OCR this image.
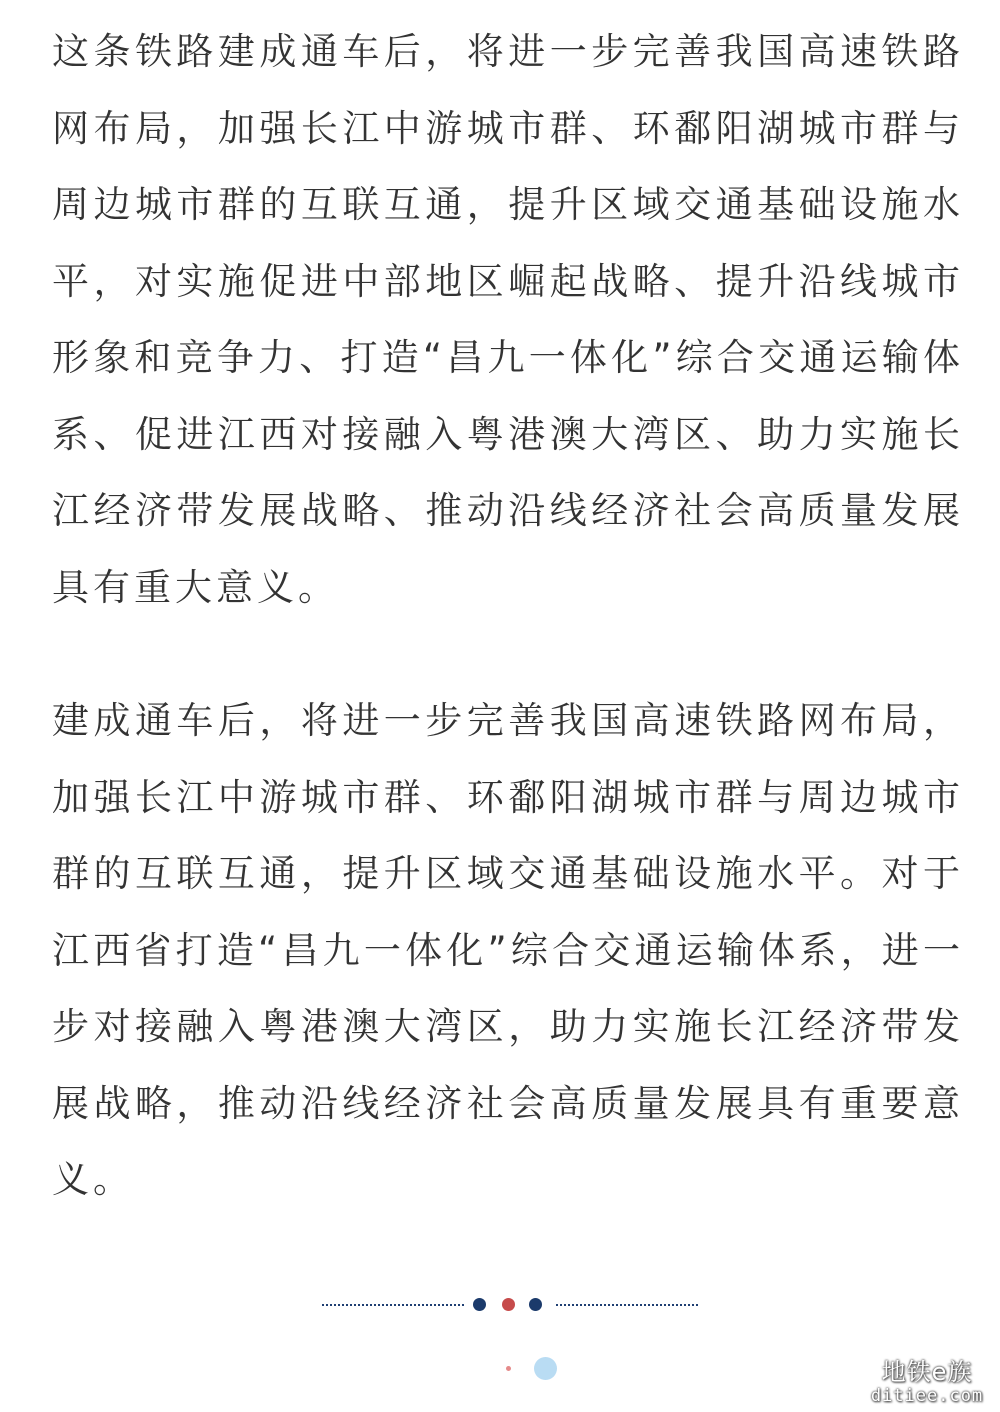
这条铁路建成通车后，将进一步完善我国高速铁路网布局，加强长江中游城市群、环鄱阳湖城市群与周边城市群的互联互通，提升区域交通基础设施水平，对实施促进中部地区崛起战略、提升沿线城市形象和竞争力、打造“昌九一体化”综合交通运输体系、促进江西对接融入粤港澳大湾区、助力实施长江经济带发展战略、推动沿线经济社会高质量发展具有重大意义。

建成通车后，将进一步完善我国高速铁路网布局，加强长江中游城市群、环鄱阳湖城市群与周边城市群的互联互通，提升区域交通基础设施水平。对于江西省打造“昌九一体化”综合交通运输体系，进一步对接融入粤港澳大湾区，助力实施长江经济带发展战略，推动沿线经济社会高质量发展具有重要意义。

地铁e族
ditiee.com
